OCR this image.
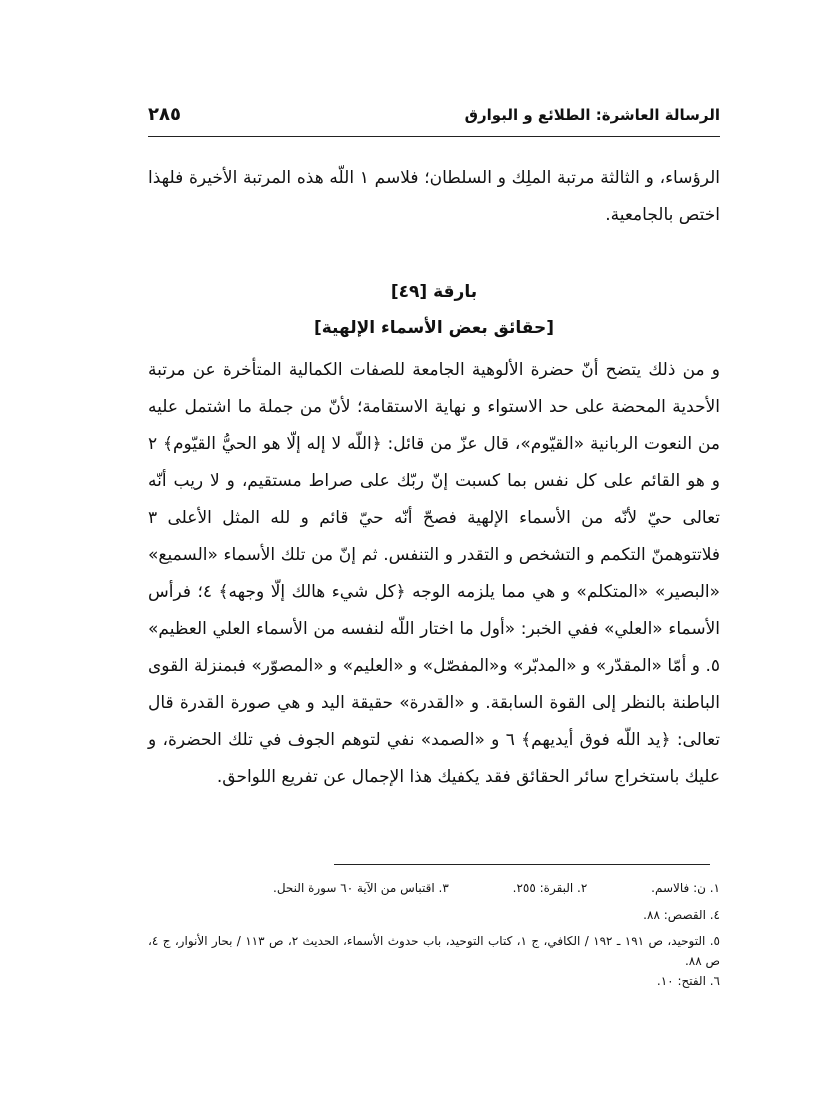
٢٨٥	الرسالة العاشرة: الطلائع و البوارق
الرؤساء، و الثالثة مرتبة الملِك و السلطان؛ فلاسم ١ اللّه هذه المرتبة الأخيرة فلهذا اختص بالجامعية.
بارقة [٤٩]
[حقائق بعض الأسماء الإلهية]
و من ذلك يتضح أنّ حضرة الألوهية الجامعة للصفات الكمالية المتأخرة عن مرتبة الأحدية المحضة على حد الاستواء و نهاية الاستقامة؛ لأنّ من جملة ما اشتمل عليه من النعوت الربانية «القيّوم»، قال عزّ من قائل: ﴿اللّه لا إله إلّا هو الحيُّ القيّوم﴾ ٢ و هو القائم على كل نفس بما كسبت إنّ ربّك على صراط مستقيم، و لا ريب أنّه تعالى حيّ لأنّه من الأسماء الإلهية فصحّ أنّه حيّ قائم و لله المثل الأعلى ٣ فلاتتوهمنّ التكمم و التشخص و التقدر و التنفس. ثم إنّ من تلك الأسماء «السميع» «البصير» «المتكلم» و هي مما يلزمه الوجه ﴿كل شيء هالك إلّا وجهه﴾ ٤؛ فرأس الأسماء «العلي» ففي الخبر: «أول ما اختار اللّه لنفسه من الأسماء العلي العظيم» ٥. و أمّا «المقدّر» و «المدبّر» و«المفصّل» و «العليم» و «المصوّر» فبمنزلة القوى الباطنة بالنظر إلى القوة السابقة. و «القدرة» حقيقة اليد و هي صورة القدرة قال تعالى: ﴿يد اللّه فوق أيديهم﴾ ٦ و «الصمد» نفي لتوهم الجوف في تلك الحضرة، و عليك باستخراج سائر الحقائق فقد يكفيك هذا الإجمال عن تفريع اللواحق.
١. ن: فالاسم. ٢. البقرة: ٢٥٥. ٣. اقتباس من الآية ٦٠ سورة النحل.
٤. القصص: ٨٨.
٥. التوحيد، ص ١٩١ ـ ١٩٢ / الكافي، ج ١، كتاب التوحيد، باب حدوث الأسماء، الحديث ٢، ص ١١٣ / بحار الأنوار، ج ٤، ص ٨٨. ٦. الفتح: ١٠.
